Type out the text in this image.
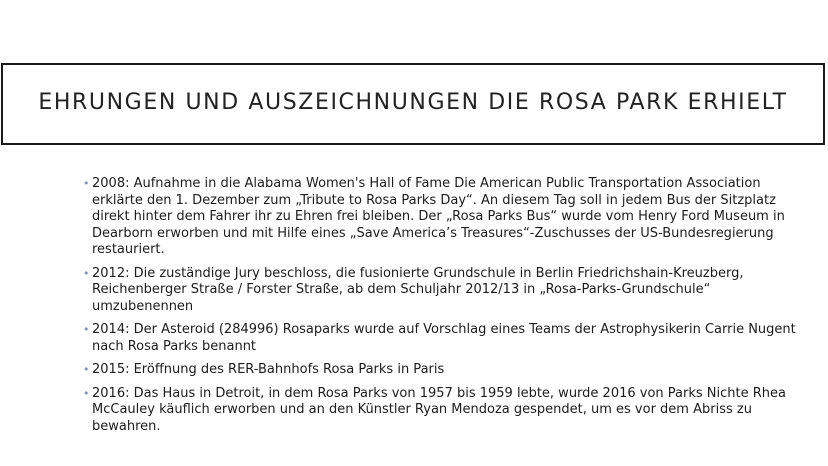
EHRUNGEN UND AUSZEICHNUNGEN DIE ROSA PARK ERHIELT
• 2008: Aufnahme in die Alabama Women's Hall of Fame Die American Public Transportation Association erklärte den 1. Dezember zum „Tribute to Rosa Parks Day“. An diesem Tag soll in jedem Bus der Sitzplatz direkt hinter dem Fahrer ihr zu Ehren frei bleiben. Der „Rosa Parks Bus“ wurde vom Henry Ford Museum in Dearborn erworben und mit Hilfe eines „Save America’s Treasures“-Zuschusses der US-Bundesregierung restauriert.
• 2012: Die zuständige Jury beschloss, die fusionierte Grundschule in Berlin Friedrichshain-Kreuzberg, Reichenberger Straße / Forster Straße, ab dem Schuljahr 2012/13 in „Rosa-Parks-Grundschule“ umzubenennen
• 2014: Der Asteroid (284996) Rosaparks wurde auf Vorschlag eines Teams der Astrophysikerin Carrie Nugent nach Rosa Parks benannt
• 2015: Eröffnung des RER-Bahnhofs Rosa Parks in Paris
• 2016: Das Haus in Detroit, in dem Rosa Parks von 1957 bis 1959 lebte, wurde 2016 von Parks Nichte Rhea McCauley käuflich erworben und an den Künstler Ryan Mendoza gespendet, um es vor dem Abriss zu bewahren.
